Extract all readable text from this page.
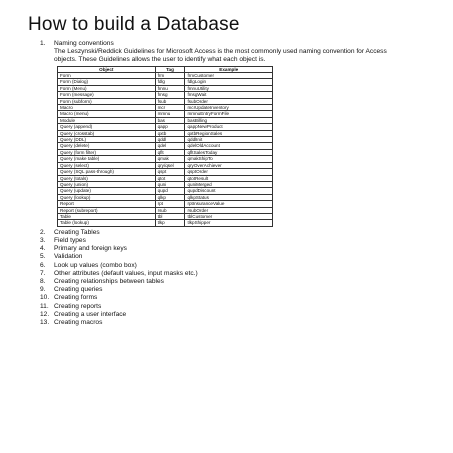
How to build a Database
1.	Naming conventions
The Leszynski/Reddick Guidelines for Microsoft Access is the most commonly used naming convention for Access objects. These Guidelines allows the user to identify what each object is.
Object	Tag	Example
Form	frm	frmCustomer
Form (Dialog)	fdlg	fdlgLogin
Form (Menu)	fmnu	fmnuUtility
Form (message)	fmsg	fmsgWait
Form (subform)	fsub	fsubOrder
Macro	mcr	mcrUpdateInventory
Macro (menu)	mmnu	mmnuEntryFormFile
Module	bas	basBilling
Query (append)	qapp	qappNewProduct
Query (crosstab)	qxtb	qxtbRegionSales
Query (DDL)	qddl	qddlInit
Query (delete)	qdel	qdelOldAccount
Query (form filter)	qflt	qfltSalesToday
Query (make table)	qmak	qmakShipTo
Query (select)	qry/qsel	qryOverAchiever
Query (SQL pass-through)	qspt	qsptOrder
Query (totals)	qtot	qtotResult
Query (union)	quni	quniMerged
Query (update)	qupd	qupdDiscount
Query (lookup)	qlkp	qlkpStatus
Report	rpt	rptInsuranceValue
Report (subreport)	rsub	rsubOrder
Table	tbl	tblCustomer
Table (lookup)	tlkp	tlkpShipper
2.	Creating Tables
3.	Field types
4.	Primary and foreign keys
5.	Validation
6.	Look up values (combo box)
7.	Other attributes (default values, input masks etc.)
8.	Creating relationships between tables
9.	Creating queries
10. Creating forms
11. Creating reports
12. Creating a user interface
13. Creating macros
